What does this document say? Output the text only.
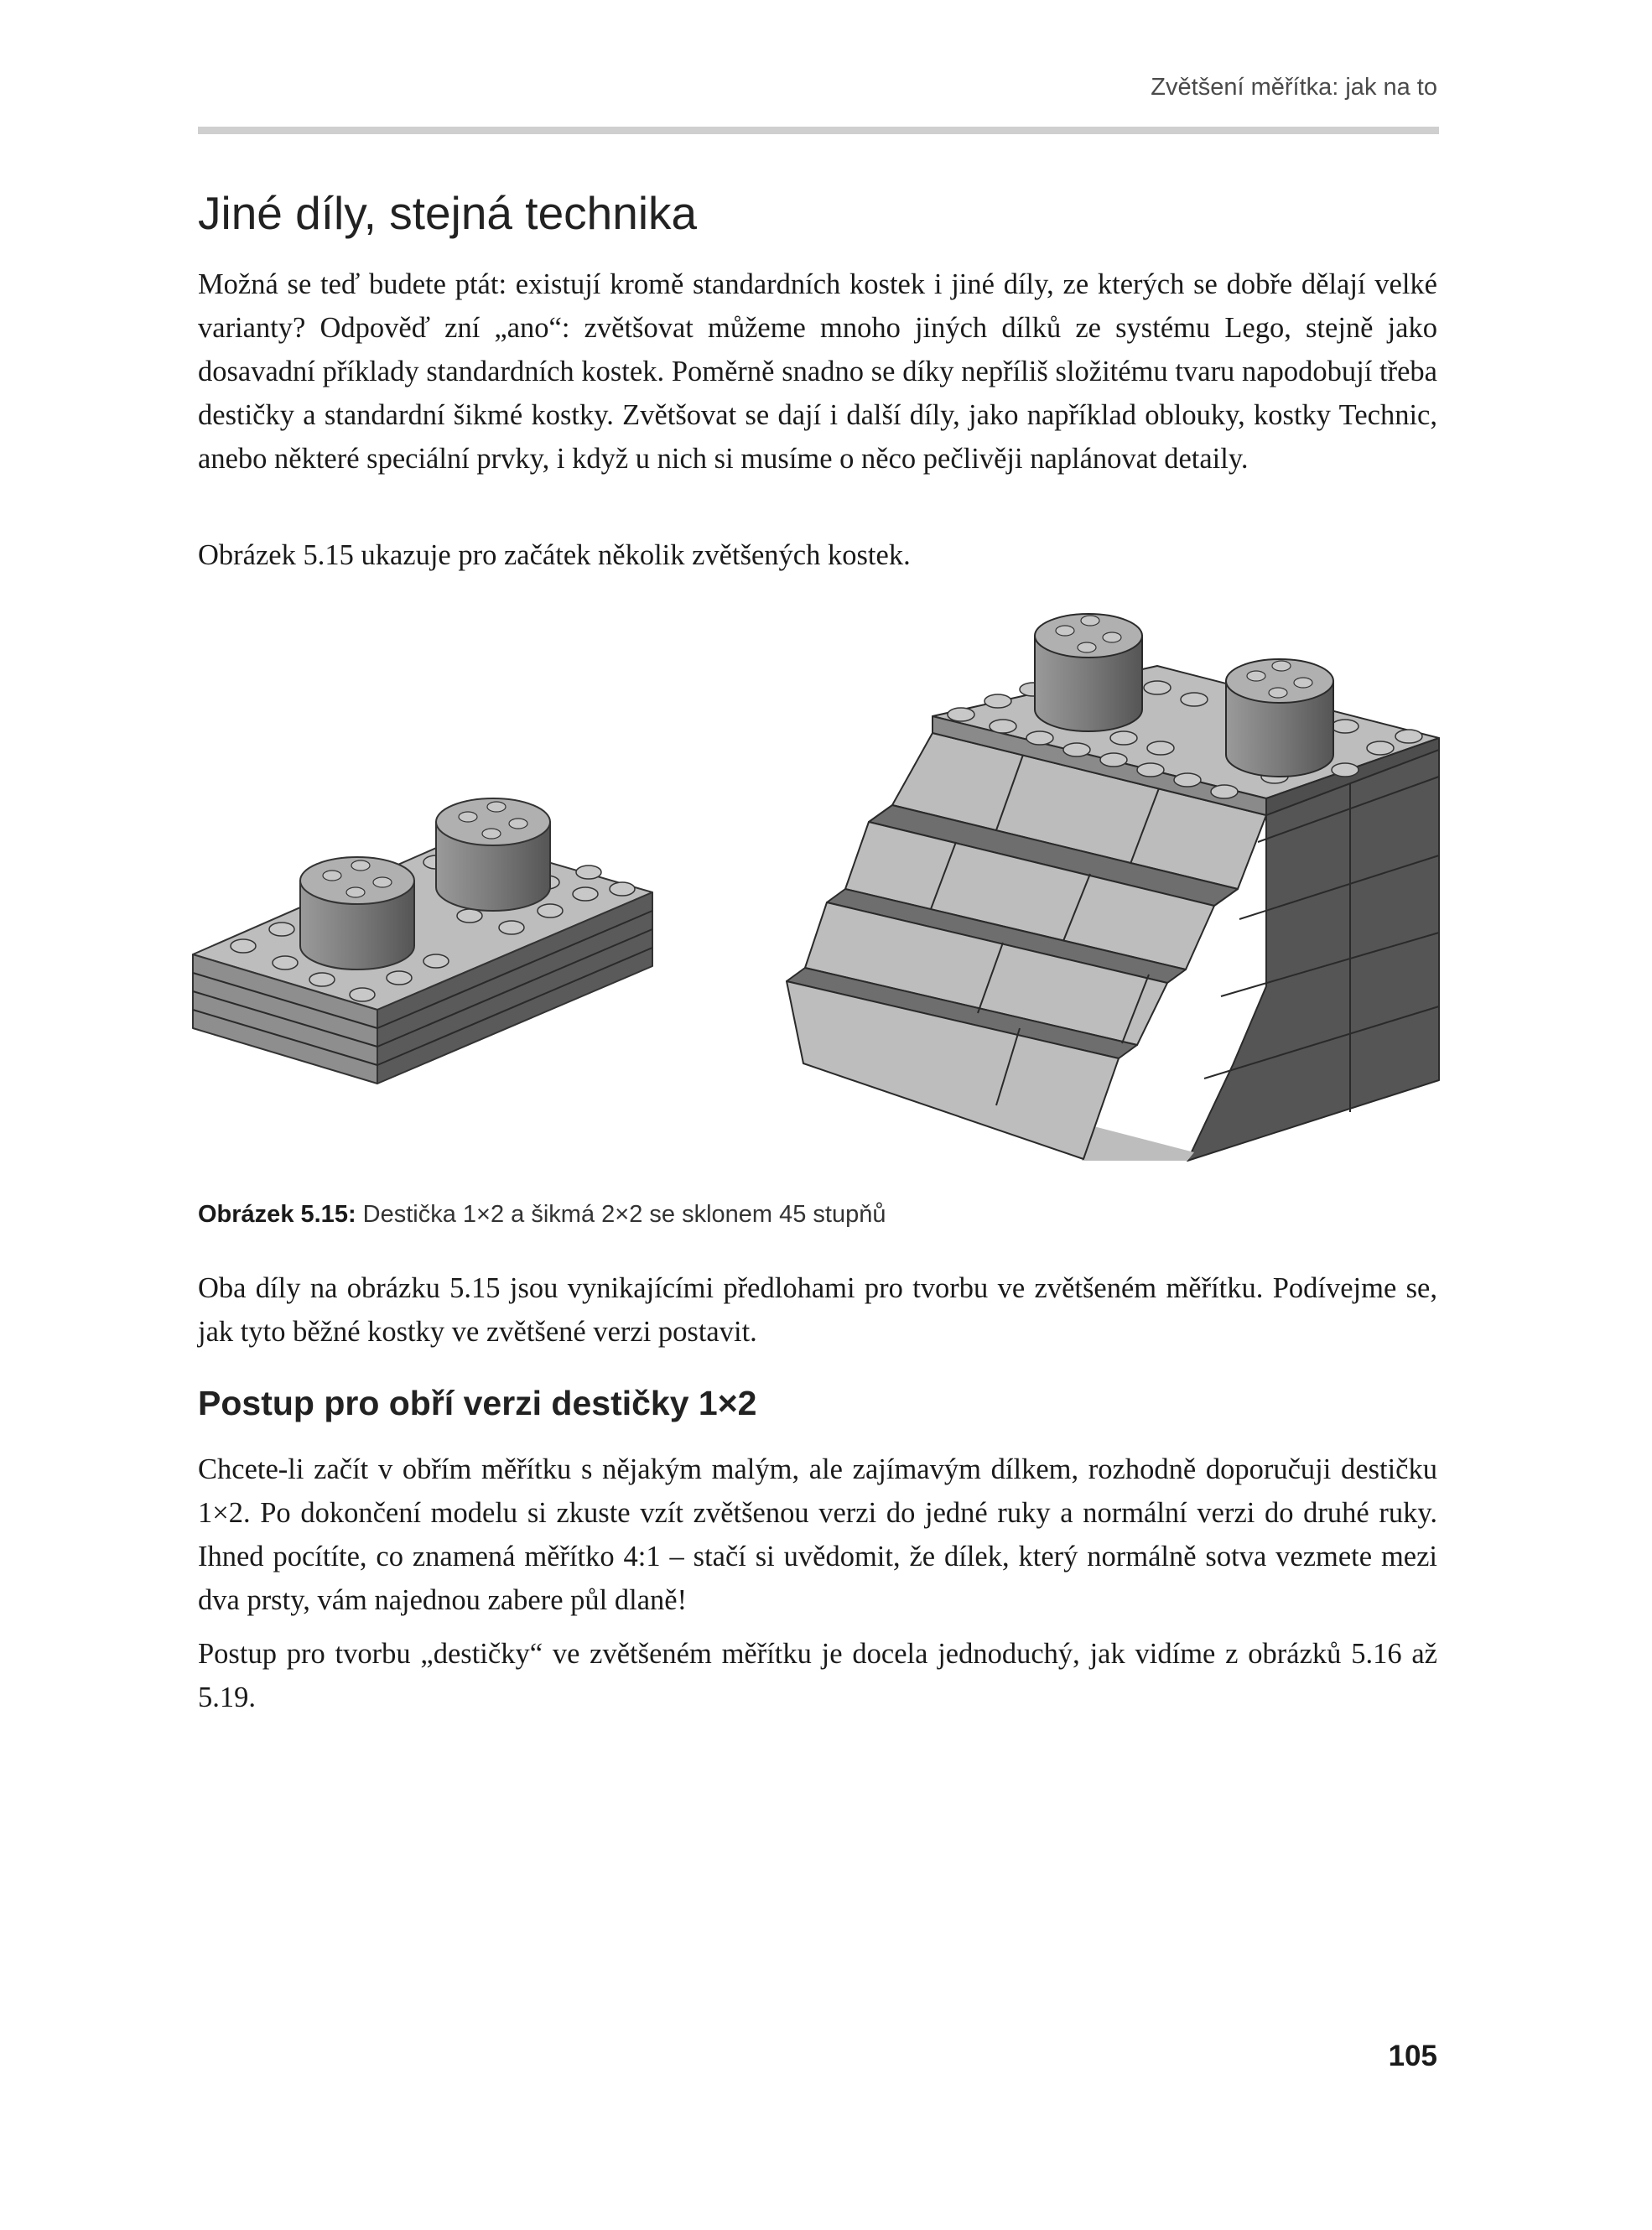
Zvětšení měřítka: jak na to
Jiné díly, stejná technika

Možná se teď budete ptát: existují kromě standardních kostek i jiné díly, ze kterých se dobře dělají velké varianty? Odpověď zní „ano“: zvětšovat můžeme mnoho jiných dílků ze systému Lego, stejně jako dosavadní příklady standardních kostek. Poměrně snadno se díky nepříliš složitému tvaru napodobují třeba destičky a standardní šikmé kostky. Zvětšovat se dají i další díly, jako například oblouky, kostky Technic, anebo některé speciální prvky, i když u nich si musíme o něco pečlivěji naplánovat detaily.

Obrázek 5.15 ukazuje pro začátek několik zvětšených kostek.

Obrázek 5.15: Destička 1×2 a šikmá 2×2 se sklonem 45 stupňů

Oba díly na obrázku 5.15 jsou vynikajícími předlohami pro tvorbu ve zvětšeném měřítku. Podívejme se, jak tyto běžné kostky ve zvětšené verzi postavit.

Postup pro obří verzi destičky 1×2

Chcete-li začít v obřím měřítku s nějakým malým, ale zajímavým dílkem, rozhodně doporučuji destičku 1×2. Po dokončení modelu si zkuste vzít zvětšenou verzi do jedné ruky a normální verzi do druhé ruky. Ihned pocítíte, co znamená měřítko 4:1 – stačí si uvědomit, že dílek, který normálně sotva vezmete mezi dva prsty, vám najednou zabere půl dlaně!

Postup pro tvorbu „destičky“ ve zvětšeném měřítku je docela jednoduchý, jak vidíme z obrázků 5.16 až 5.19.

105
